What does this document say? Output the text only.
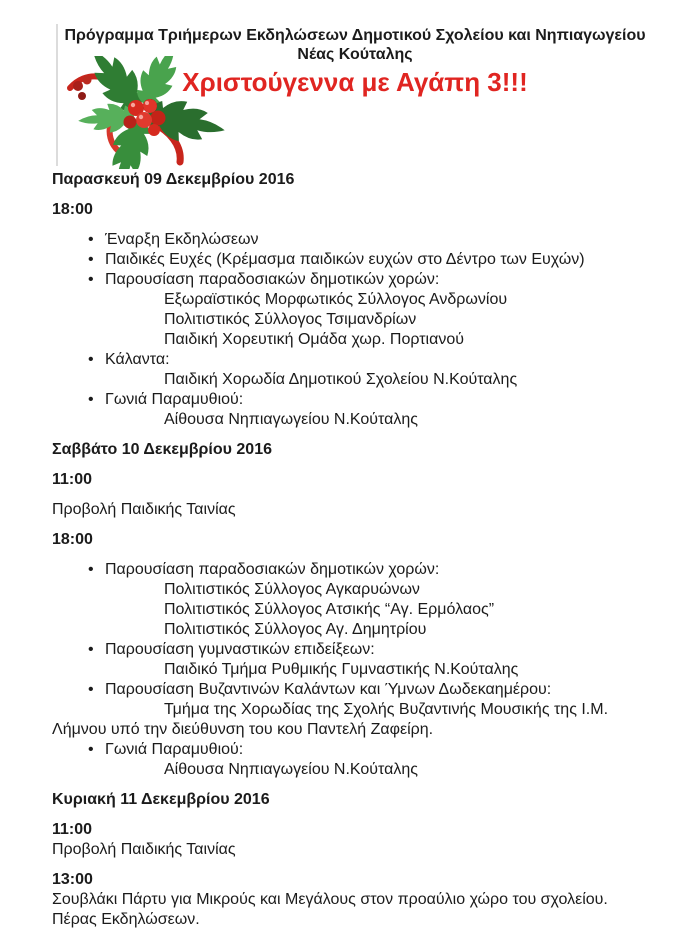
Πρόγραμμα Τριήμερων Εκδηλώσεων Δημοτικού Σχολείου και Νηπιαγωγείου
Νέας Κούταλης
Χριστούγεννα με Αγάπη 3!!!
Παρασκευή 09 Δεκεμβρίου 2016
18:00
• Έναρξη Εκδηλώσεων
• Παιδικές Ευχές (Κρέμασμα παιδικών ευχών στο Δέντρο των Ευχών)
• Παρουσίαση παραδοσιακών δημοτικών χορών:
Εξωραϊστικός Μορφωτικός Σύλλογος Ανδρωνίου
Πολιτιστικός Σύλλογος Τσιμανδρίων
Παιδική Χορευτική Ομάδα χωρ. Πορτιανού
• Κάλαντα:
Παιδική Χορωδία Δημοτικού Σχολείου Ν.Κούταλης
• Γωνιά Παραμυθιού:
Αίθουσα Νηπιαγωγείου Ν.Κούταλης
Σαββάτο 10 Δεκεμβρίου 2016
11:00
Προβολή Παιδικής Ταινίας
18:00
• Παρουσίαση παραδοσιακών δημοτικών χορών:
Πολιτιστικός Σύλλογος Αγκαρυώνων
Πολιτιστικός Σύλλογος Ατσικής “Αγ. Ερμόλαος”
Πολιτιστικός Σύλλογος Αγ. Δημητρίου
• Παρουσίαση γυμναστικών επιδείξεων:
Παιδικό Τμήμα Ρυθμικής Γυμναστικής Ν.Κούταλης
• Παρουσίαση Βυζαντινών Καλάντων και Ύμνων Δωδεκαημέρου:
Τμήμα της Χορωδίας της Σχολής Βυζαντινής Μουσικής της Ι.Μ. Λήμνου υπό την διεύθυνση του κου Παντελή Ζαφείρη.
• Γωνιά Παραμυθιού:
Αίθουσα Νηπιαγωγείου Ν.Κούταλης
Κυριακή 11 Δεκεμβρίου 2016
11:00
Προβολή Παιδικής Ταινίας
13:00
Σουβλάκι Πάρτυ για Μικρούς και Μεγάλους στον προαύλιο χώρο του σχολείου.
Πέρας Εκδηλώσεων.
